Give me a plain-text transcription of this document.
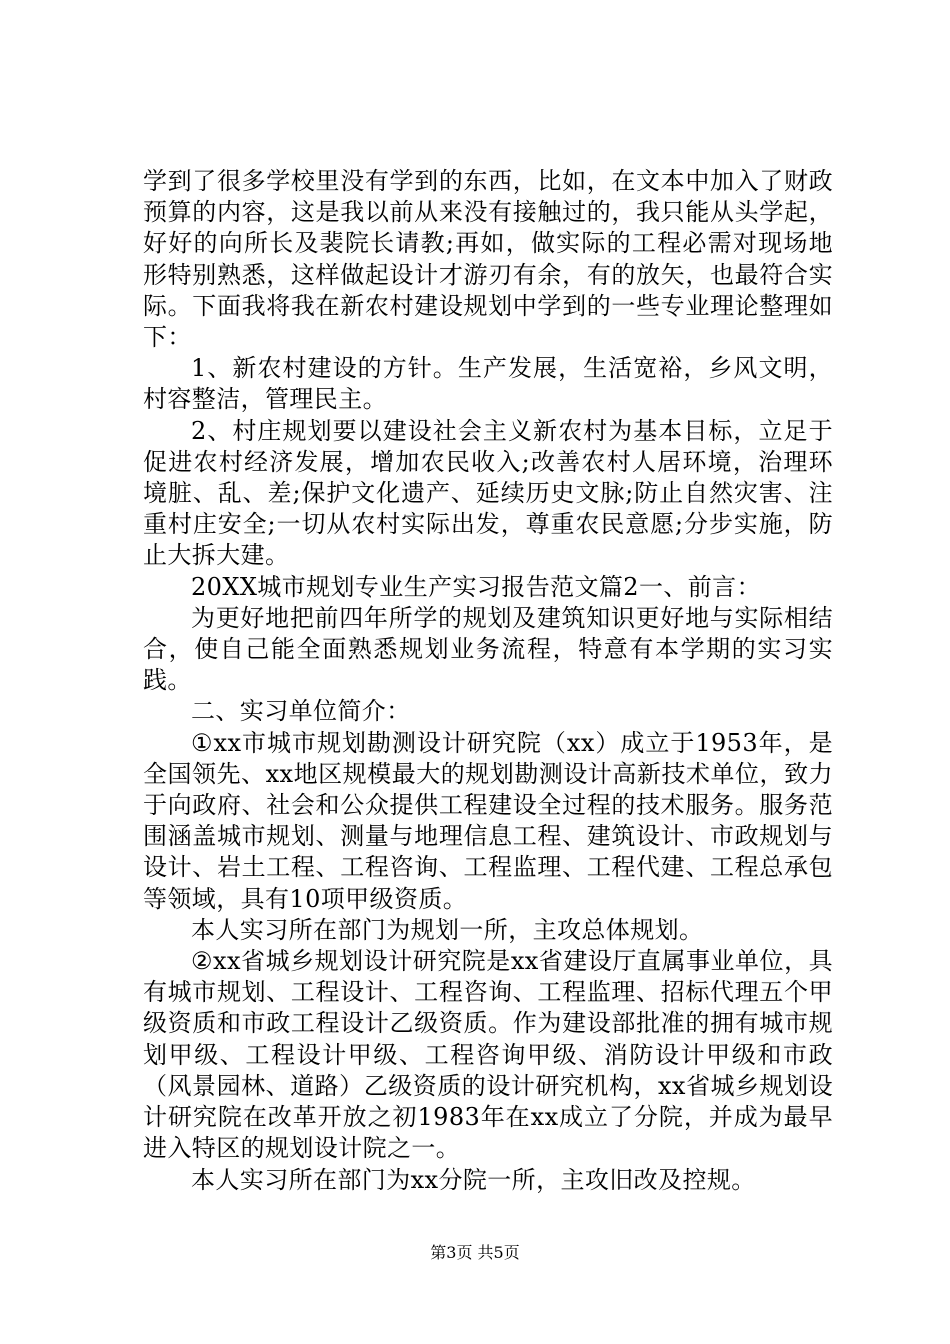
学到了很多学校里没有学到的东西，比如，在文本中加入了财政预算的内容，这是我以前从来没有接触过的，我只能从头学起，好好的向所长及裴院长请教;再如，做实际的工程必需对现场地形特别熟悉，这样做起设计才游刃有余，有的放矢，也最符合实际。下面我将我在新农村建设规划中学到的一些专业理论整理如下：

1、新农村建设的方针。生产发展，生活宽裕，乡风文明，村容整洁，管理民主。

2、村庄规划要以建设社会主义新农村为基本目标，立足于促进农村经济发展，增加农民收入;改善农村人居环境，治理环境脏、乱、差;保护文化遗产、延续历史文脉;防止自然灾害、注重村庄安全;一切从农村实际出发，尊重农民意愿;分步实施，防止大拆大建。

20XX城市规划专业生产实习报告范文篇2一、前言：

为更好地把前四年所学的规划及建筑知识更好地与实际相结合，使自己能全面熟悉规划业务流程，特意有本学期的实习实践。

二、实习单位简介：

①xx市城市规划勘测设计研究院（xx）成立于1953年，是全国领先、xx地区规模最大的规划勘测设计高新技术单位，致力于向政府、社会和公众提供工程建设全过程的技术服务。服务范围涵盖城市规划、测量与地理信息工程、建筑设计、市政规划与设计、岩土工程、工程咨询、工程监理、工程代建、工程总承包等领域，具有10项甲级资质。

本人实习所在部门为规划一所，主攻总体规划。

②xx省城乡规划设计研究院是xx省建设厅直属事业单位，具有城市规划、工程设计、工程咨询、工程监理、招标代理五个甲级资质和市政工程设计乙级资质。作为建设部批准的拥有城市规划甲级、工程设计甲级、工程咨询甲级、消防设计甲级和市政（风景园林、道路）乙级资质的设计研究机构，xx省城乡规划设计研究院在改革开放之初1983年在xx成立了分院，并成为最早进入特区的规划设计院之一。

本人实习所在部门为xx分院一所，主攻旧改及控规。

第3页 共5页
